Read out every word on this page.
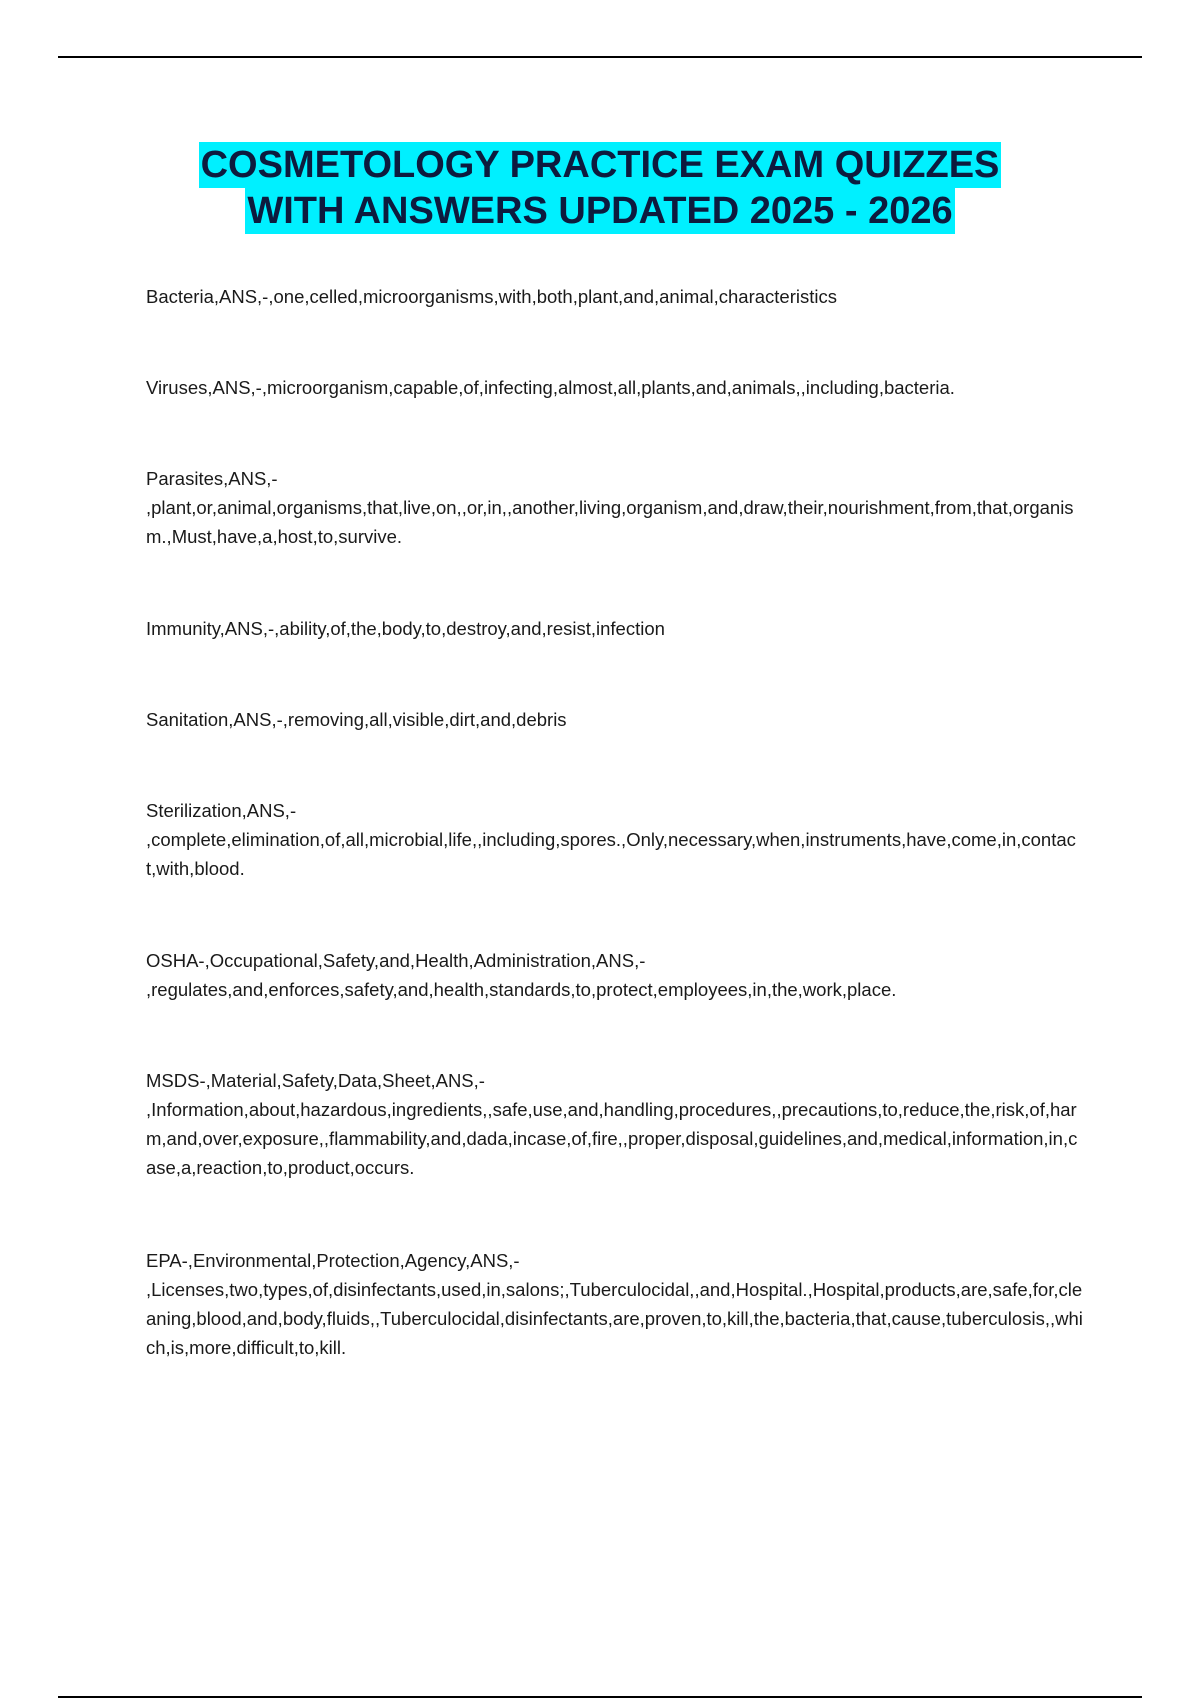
COSMETOLOGY PRACTICE EXAM QUIZZES
WITH ANSWERS UPDATED 2025 - 2026
Bacteria,ANS,-,one,celled,microorganisms,with,both,plant,and,animal,characteristics
Viruses,ANS,-,microorganism,capable,of,infecting,almost,all,plants,and,animals,,including,bacteria.
Parasites,ANS,-
,plant,or,animal,organisms,that,live,on,,or,in,,another,living,organism,and,draw,their,nourishment,from,that,organism.,Must,have,a,host,to,survive.
Immunity,ANS,-,ability,of,the,body,to,destroy,and,resist,infection
Sanitation,ANS,-,removing,all,visible,dirt,and,debris
Sterilization,ANS,-
,complete,elimination,of,all,microbial,life,,including,spores.,Only,necessary,when,instruments,have,come,in,contact,with,blood.
OSHA-,Occupational,Safety,and,Health,Administration,ANS,-
,regulates,and,enforces,safety,and,health,standards,to,protect,employees,in,the,work,place.
MSDS-,Material,Safety,Data,Sheet,ANS,-
,Information,about,hazardous,ingredients,,safe,use,and,handling,procedures,,precautions,to,reduce,the,risk,of,harm,and,over,exposure,,flammability,and,dada,incase,of,fire,,proper,disposal,guidelines,and,medical,information,in,case,a,reaction,to,product,occurs.
EPA-,Environmental,Protection,Agency,ANS,-
,Licenses,two,types,of,disinfectants,used,in,salons;,Tuberculocidal,,and,Hospital.,Hospital,products,are,safe,for,cleaning,blood,and,body,fluids,,Tuberculocidal,disinfectants,are,proven,to,kill,the,bacteria,that,cause,tuberculosis,,which,is,more,difficult,to,kill.
